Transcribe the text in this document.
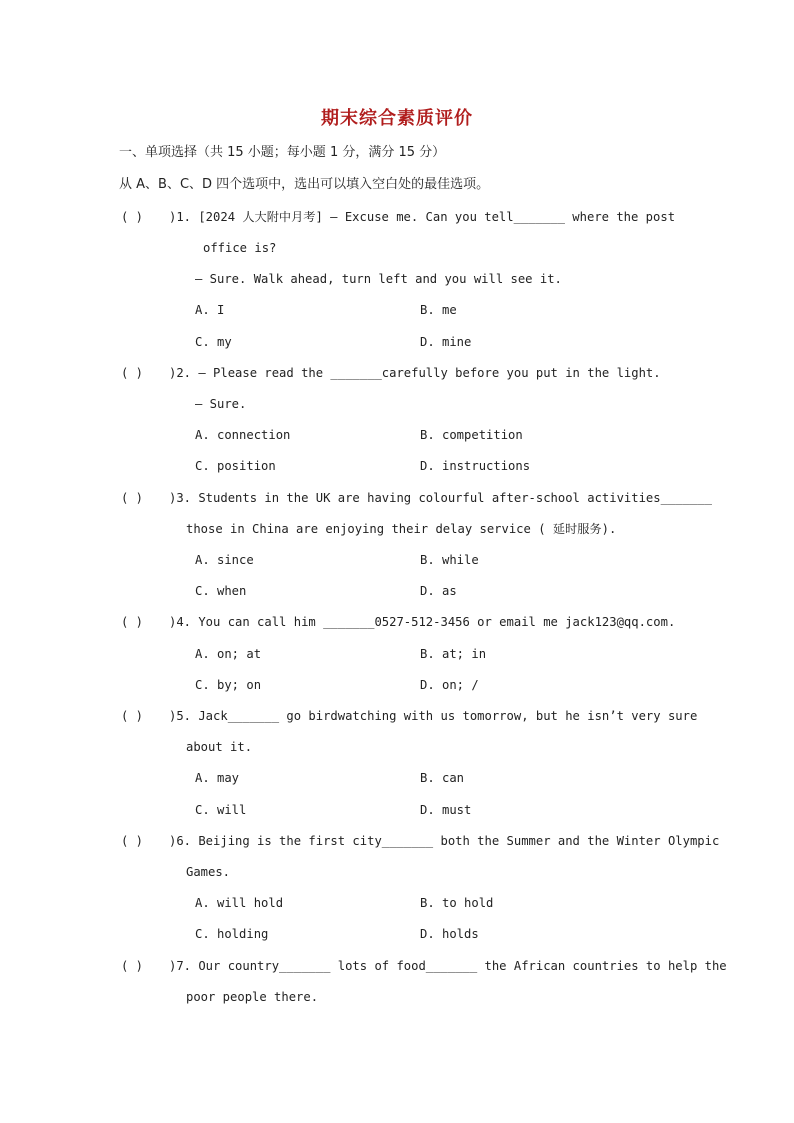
期末综合素质评价
一、单项选择（共 15 小题；每小题 1 分，满分 15 分）
从 A、B、C、D 四个选项中，选出可以填入空白处的最佳选项。
( ) )1. [2024 人大附中月考] — Excuse me. Can you tell_______ where the post
office is?
— Sure. Walk ahead, turn left and you will see it.
A. I	B. me
C. my	D. mine
( ) )2. — Please read the _______carefully before you put in the light.
— Sure.
A. connection	B. competition
C. position	D. instructions
( ) )3. Students in the UK are having colourful after-school activities_______
those in China are enjoying their delay service ( 延时服务).
A. since	B. while
C. when	D. as
( ) )4. You can call him _______0527-512-3456 or email me jack123@qq.com.
A. on; at	B. at; in
C. by; on	D. on; /
( ) )5. Jack_______ go birdwatching with us tomorrow, but he isn’t very sure
about it.
A. may	B. can
C. will	D. must
( ) )6. Beijing is the first city_______ both the Summer and the Winter Olympic
Games.
A. will hold	B. to hold
C. holding	D. holds
( ) )7. Our country_______ lots of food_______ the African countries to help the
poor people there.
